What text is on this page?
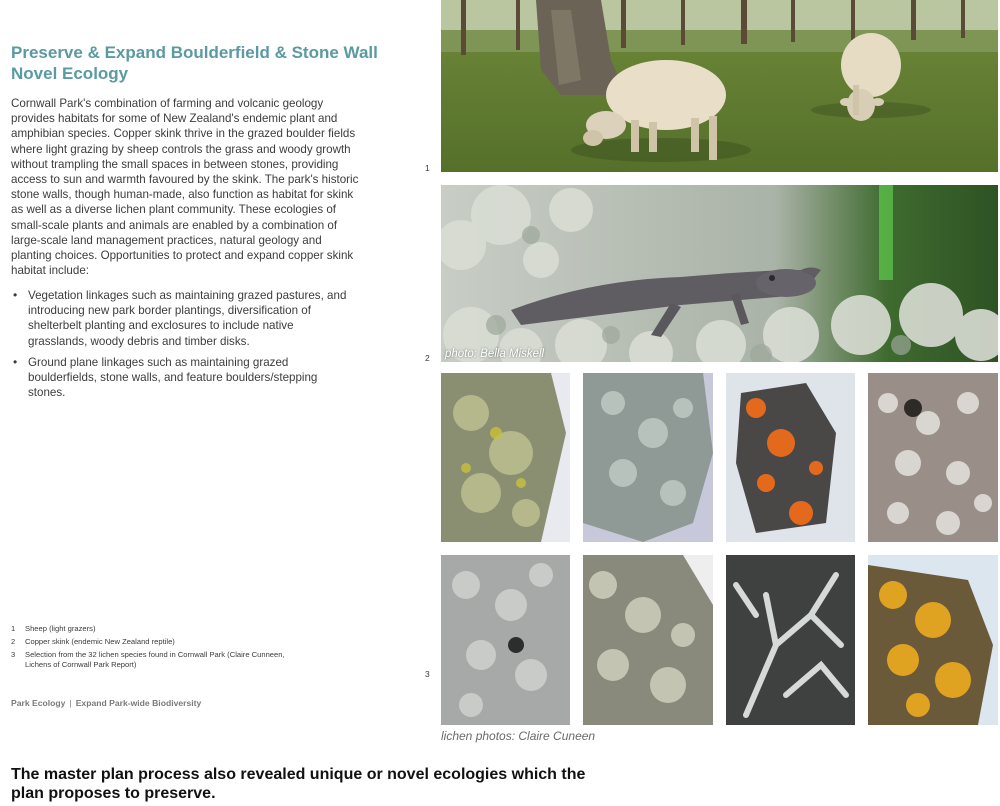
Preserve & Expand Boulderfield & Stone Wall Novel Ecology

Cornwall Park's combination of farming and volcanic geology provides habitats for some of New Zealand's endemic plant and amphibian species. Copper skink thrive in the grazed boulder fields where light grazing by sheep controls the grass and woody growth without trampling the small spaces in between stones, providing access to sun and warmth favoured by the skink. The park's historic stone walls, though human-made, also function as habitat for skink as well as a diverse lichen plant community. These ecologies of small-scale plants and animals are enabled by a combination of large-scale land management practices, natural geology and planting choices. Opportunities to protect and expand copper skink habitat include:

• Vegetation linkages such as maintaining grazed pastures, and introducing new park border plantings, diversification of shelterbelt planting and exclosures to include native grasslands, woody debris and timber disks.
• Ground plane linkages such as maintaining grazed boulderfields, stone walls, and feature boulders/stepping stones.
1 Sheep (light grazers)
2 Copper skink (endemic New Zealand reptile)
3 Selection from the 32 lichen species found in Cornwall Park (Claire Cunneen, Lichens of Cornwall Park Report)
Park Ecology | Expand Park-wide Biodiversity

The master plan process also revealed unique or novel ecologies which the plan proposes to preserve.

1
2
3
photo: Bella Miskell
lichen photos: Claire Cuneen
